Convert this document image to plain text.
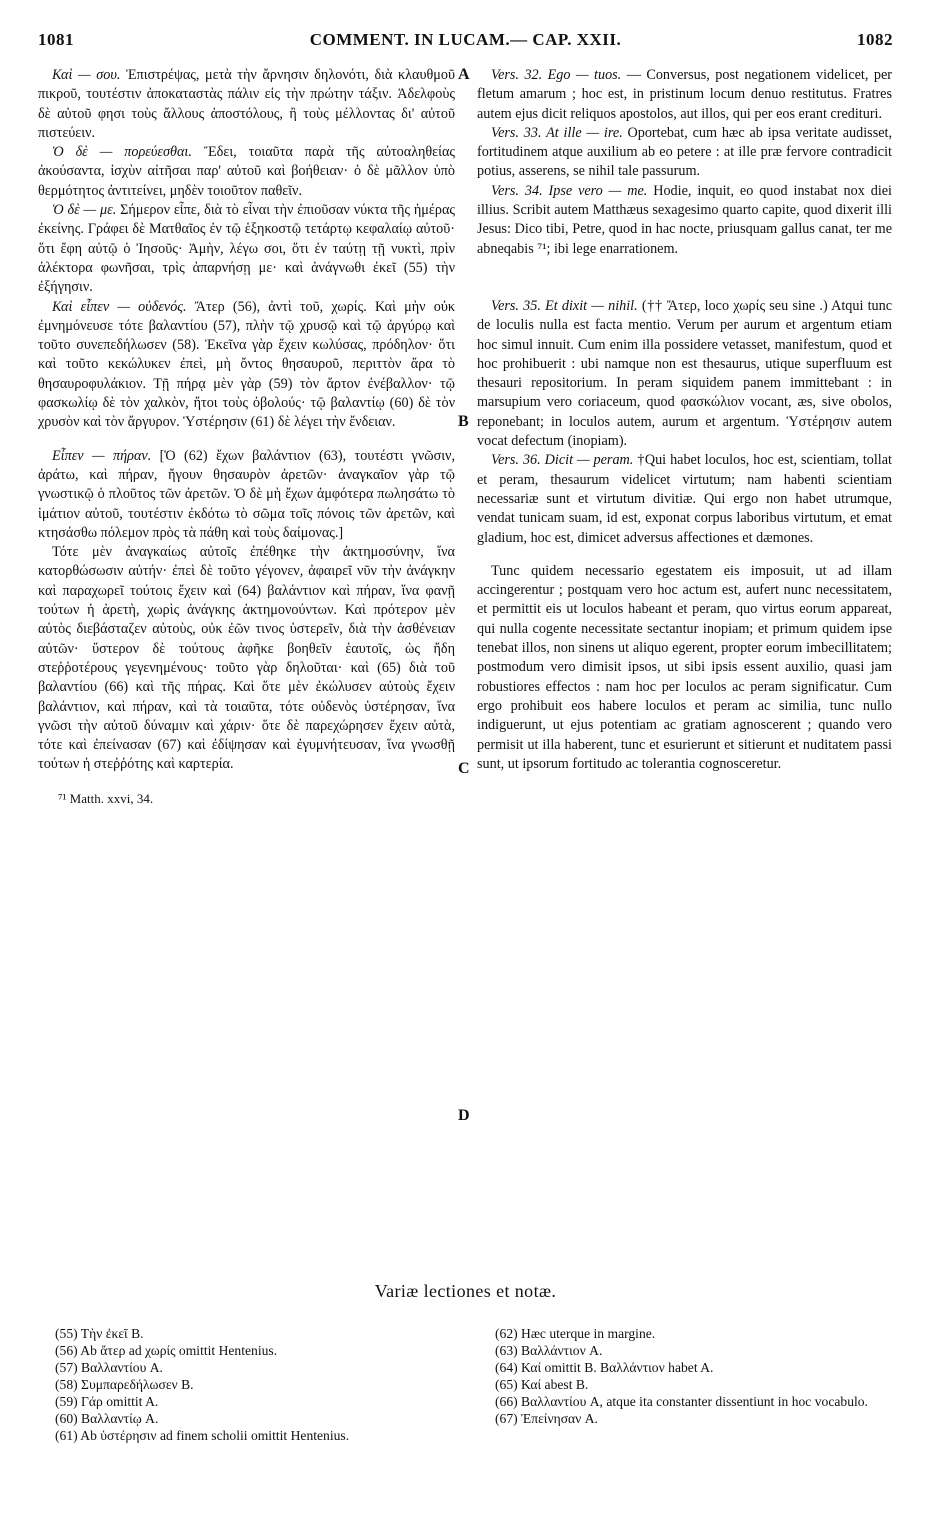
1081	COMMENT. IN LUCAM.— CAP. XXII.	1082
A
B
C
D

Καὶ — σου. Ἐπιστρέψας, μετὰ τὴν ἄρνησιν δηλονότι, διὰ κλαυθμοῦ πικροῦ, τουτέστιν ἀποκαταστὰς πάλιν εἰς τὴν πρώτην τάξιν. Ἀδελφοὺς δὲ αὐτοῦ φησι τοὺς ἄλλους ἀποστόλους, ἢ τοὺς μέλλοντας δι' αὐτοῦ πιστεύειν.

Ὁ δὲ — πορεύεσθαι. Ἔδει, τοιαῦτα παρὰ τῆς αὐτοαληθείας ἀκούσαντα, ἰσχὺν αἰτῆσαι παρ' αὐτοῦ καὶ βοήθειαν· ὁ δὲ μᾶλλον ὑπὸ θερμότητος ἀντιτείνει, μηδὲν τοιοῦτον παθεῖν.

Ὁ δὲ — με. Σήμερον εἶπε, διὰ τὸ εἶναι τὴν ἐπιοῦσαν νύκτα τῆς ἡμέρας ἐκείνης. Γράφει δὲ Ματθαῖος ἐν τῷ ἑξηκοστῷ τετάρτῳ κεφαλαίῳ αὐτοῦ· ὅτι ἔφη αὐτῷ ὁ Ἰησοῦς· Ἀμὴν, λέγω σοι, ὅτι ἐν ταύτῃ τῇ νυκτὶ, πρὶν ἀλέκτορα φωνῆσαι, τρὶς ἀπαρνήσῃ με· καὶ ἀνάγνωθι ἐκεῖ (55) τὴν ἐξήγησιν.

Καὶ εἶπεν — οὐδενός. Ἄτερ (56), ἀντὶ τοῦ, χωρίς. Καὶ μὴν οὐκ ἐμνημόνευσε τότε βαλαντίου (57), πλὴν τῷ χρυσῷ καὶ τῷ ἀργύρῳ καὶ τοῦτο συνεπεδήλωσεν (58). Ἐκεῖνα γὰρ ἔχειν κωλύσας, πρόδηλον· ὅτι καὶ τοῦτο κεκώλυκεν ἐπεὶ, μὴ ὄντος θησαυροῦ, περιττὸν ἄρα τὸ θησαυροφυλάκιον. Τῇ πήρᾳ μὲν γὰρ (59) τὸν ἄρτον ἐνέβαλλον· τῷ φασκωλίῳ δὲ τὸν χαλκὸν, ἤτοι τοὺς ὀβολούς· τῷ βαλαντίῳ (60) δὲ τὸν χρυσὸν καὶ τὸν ἄργυρον. Ὑστέρησιν (61) δὲ λέγει τὴν ἔνδειαν.

Εἶπεν — πήραν. [Ὁ (62) ἔχων βαλάντιον (63), τουτέστι γνῶσιν, ἀράτω, καὶ πήραν, ἤγουν θησαυρὸν ἀρετῶν· ἀναγκαῖον γὰρ τῷ γνωστικῷ ὁ πλοῦτος τῶν ἀρετῶν. Ὁ δὲ μὴ ἔχων ἀμφότερα πωλησάτω τὸ ἱμάτιον αὐτοῦ, τουτέστιν ἐκδότω τὸ σῶμα τοῖς πόνοις τῶν ἀρετῶν, καὶ κτησάσθω πόλεμον πρὸς τὰ πάθη καὶ τοὺς δαίμονας.]

Τότε μὲν ἀναγκαίως αὐτοῖς ἐπέθηκε τὴν ἀκτημοσύνην, ἵνα κατορθώσωσιν αὐτήν· ἐπεὶ δὲ τοῦτο γέγονεν, ἀφαιρεῖ νῦν τὴν ἀνάγκην καὶ παραχωρεῖ τούτοις ἔχειν καὶ (64) βαλάντιον καὶ πήραν, ἵνα φανῇ τούτων ἡ ἀρετὴ, χωρὶς ἀνάγκης ἀκτημονούντων. Καὶ πρότερον μὲν αὐτὸς διεβάσταζεν αὐτοὺς, οὐκ ἐῶν τινος ὑστερεῖν, διὰ τὴν ἀσθένειαν αὐτῶν· ὕστερον δὲ τούτους ἀφῆκε βοηθεῖν ἑαυτοῖς, ὡς ἤδη στεῤῥοτέρους γεγενημένους· τοῦτο γὰρ δηλοῦται· καὶ (65) διὰ τοῦ βαλαντίου (66) καὶ τῆς πήρας. Καὶ ὅτε μὲν ἐκώλυσεν αὐτοὺς ἔχειν βαλάντιον, καὶ πήραν, καὶ τὰ τοιαῦτα, τότε οὐδενὸς ὑστέρησαν, ἵνα γνῶσι τὴν αὐτοῦ δύναμιν καὶ χάριν· ὅτε δὲ παρεχώρησεν ἔχειν αὐτὰ, τότε καὶ ἐπείνασαν (67) καὶ ἐδίψησαν καὶ ἐγυμνήτευσαν, ἵνα γνωσθῇ τούτων ἡ στεῤῥότης καὶ καρτερία.

⁷¹ Matth. xxvi, 34.

Vers. 32. Ego — tuos. — Conversus, post negationem videlicet, per fletum amarum ; hoc est, in pristinum locum denuo restitutus. Fratres autem ejus dicit reliquos apostolos, aut illos, qui per eos erant credituri.

Vers. 33. At ille — ire. Oportebat, cum hæc ab ipsa veritate audisset, fortitudinem atque auxilium ab eo petere : at ille præ fervore contradicit potius, asserens, se nihil tale passurum.

Vers. 34. Ipse vero — me. Hodie, inquit, eo quod instabat nox diei illius. Scribit autem Matthæus sexagesimo quarto capite, quod dixerit illi Jesus: Dico tibi, Petre, quod in hac nocte, priusquam gallus canat, ter me abneqabis ⁷¹; ibi lege enarrationem.

Vers. 35. Et dixit — nihil. (†† Ἄτερ, loco χωρίς seu sine .) Atqui tunc de loculis nulla est facta mentio. Verum per aurum et argentum etiam hoc simul innuit. Cum enim illa possidere vetasset, manifestum, quod et hoc prohibuerit : ubi namque non est thesaurus, utique superfluum est thesauri repositorium. In peram siquidem panem immittebant : in marsupium vero coriaceum, quod φασκώλιον vocant, æs, sive obolos, reponebant; in loculos autem, aurum et argentum. Ὑστέρησιν autem vocat defectum (inopiam).

Vers. 36. Dicit — peram. †Qui habet loculos, hoc est, scientiam, tollat et peram, thesaurum videlicet virtutum; nam habenti scientiam necessariæ sunt et virtutum divitiæ. Qui ergo non habet utrumque, vendat tunicam suam, id est, exponat corpus laboribus virtutum, et emat gladium, hoc est, dimicet adversus affectiones et dæmones.

Tunc quidem necessario egestatem eis imposuit, ut ad illam accingerentur ; postquam vero hoc actum est, aufert nunc necessitatem, et permittit eis ut loculos habeant et peram, quo virtus eorum appareat, qui nulla cogente necessitate sectantur inopiam; et primum quidem ipse tenebat illos, non sinens ut aliquo egerent, propter eorum imbecillitatem; postmodum vero dimisit ipsos, ut sibi ipsis essent auxilio, quasi jam robustiores effectos : nam hoc per loculos ac peram significatur. Cum ergo prohibuit eos habere loculos et peram ac similia, tunc nullo indiguerunt, ut ejus potentiam ac gratiam agnoscerent ; quando vero permisit ut illa haberent, tunc et esurierunt et sitierunt et nuditatem passi sunt, ut ipsorum fortitudo ac tolerantia cognosceretur.

Variæ lectiones et notæ.

(55) Τὴν ἐκεῖ B.

(56) Ab ἄτερ ad χωρίς omittit Hentenius.

(57) Βαλλαντίου A.

(58) Συμπαρεδήλωσεν B.

(59) Γάρ omittit A.

(60) Βαλλαντίῳ A.

(61) Ab ὑστέρησιν ad finem scholii omittit Hentenius.

(62) Hæc uterque in margine.

(63) Βαλλάντιον A.

(64) Καί omittit B. Βαλλάντιον habet A.

(65) Καί abest B.

(66) Βαλλαντίου A, atque ita constanter dissentiunt in hoc vocabulo.

(67) Ἐπείνησαν A.
